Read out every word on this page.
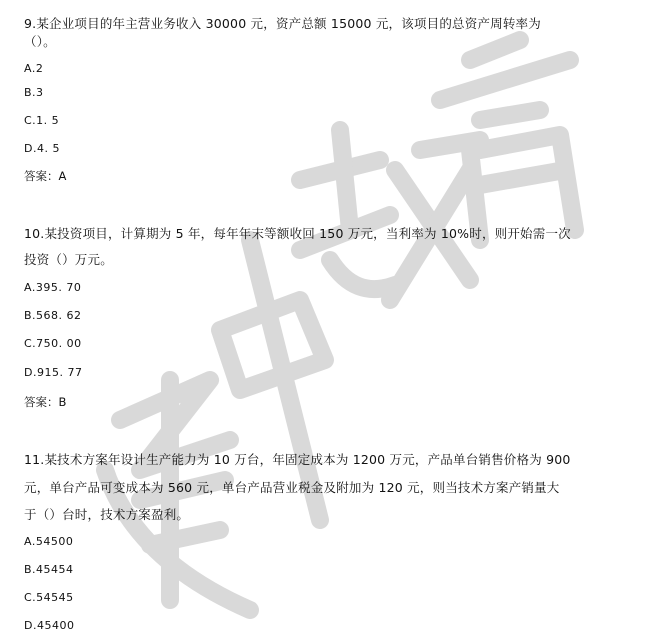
9.某企业项目的年主营业务收入 30000 元，资产总额 15000 元，该项目的总资产周转率为
（）。
A.2
B.3
C.1. 5
D.4. 5
答案：A
10.某投资项目，计算期为 5 年，每年年末等额收回 150 万元，当利率为 10%时，则开始需一次
投资（）万元。
A.395. 70
B.568. 62
C.750. 00
D.915. 77
答案：B
11.某技术方案年设计生产能力为 10 万台，年固定成本为 1200 万元，产品单台销售价格为 900
元，单台产品可变成本为 560 元，单台产品营业税金及附加为 120 元，则当技术方案产销量大
于（）台时，技术方案盈利。
A.54500
B.45454
C.54545
D.45400
